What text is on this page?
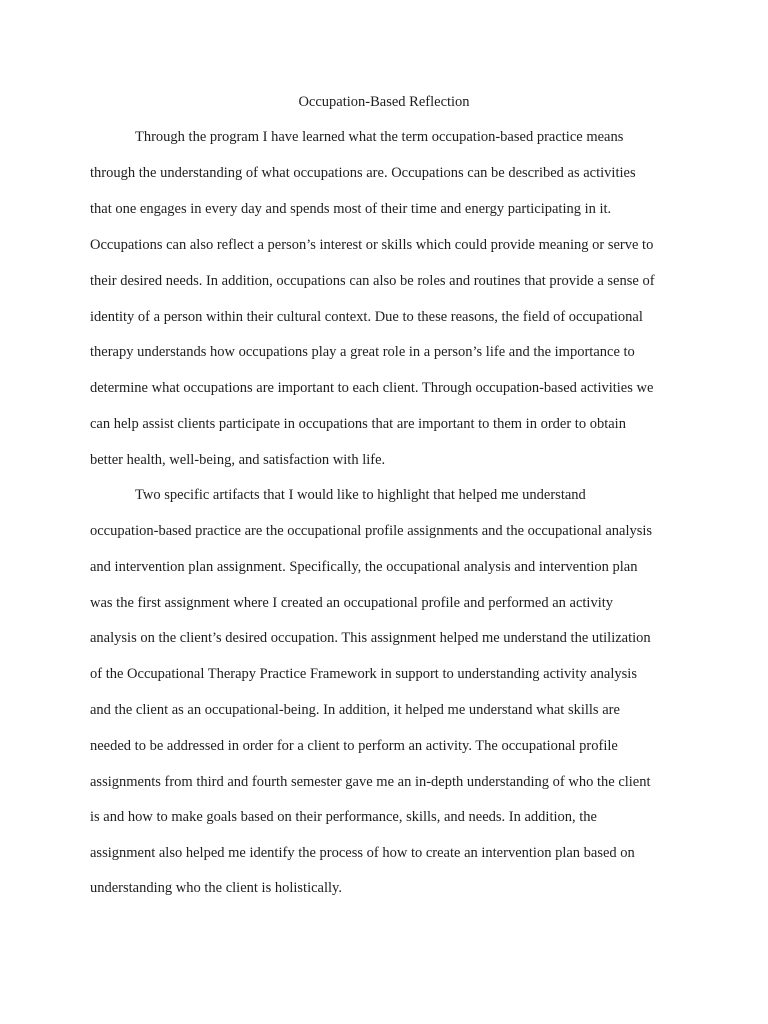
Occupation-Based Reflection
Through the program I have learned what the term occupation-based practice means
through the understanding of what occupations are. Occupations can be described as activities
that one engages in every day and spends most of their time and energy participating in it.
Occupations can also reflect a person’s interest or skills which could provide meaning or serve to
their desired needs. In addition, occupations can also be roles and routines that provide a sense of
identity of a person within their cultural context. Due to these reasons, the field of occupational
therapy understands how occupations play a great role in a person’s life and the importance to
determine what occupations are important to each client. Through occupation-based activities we
can help assist clients participate in occupations that are important to them in order to obtain
better health, well-being, and satisfaction with life.
Two specific artifacts that I would like to highlight that helped me understand
occupation-based practice are the occupational profile assignments and the occupational analysis
and intervention plan assignment. Specifically, the occupational analysis and intervention plan
was the first assignment where I created an occupational profile and performed an activity
analysis on the client’s desired occupation. This assignment helped me understand the utilization
of the Occupational Therapy Practice Framework in support to understanding activity analysis
and the client as an occupational-being. In addition, it helped me understand what skills are
needed to be addressed in order for a client to perform an activity. The occupational profile
assignments from third and fourth semester gave me an in-depth understanding of who the client
is and how to make goals based on their performance, skills, and needs. In addition, the
assignment also helped me identify the process of how to create an intervention plan based on
understanding who the client is holistically.
